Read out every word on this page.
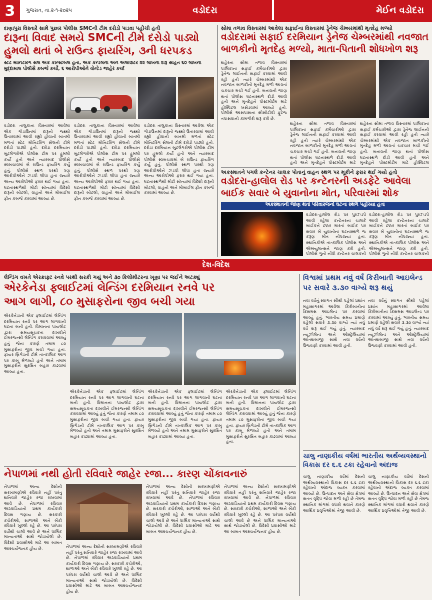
3	ગુજરાત, તા.૨-૧-૨૦૨૫	વડોદરા	મેઈન વડોદરા
દાણાપુરા વિસ્તારે સામે પુછાર પોલીસ SMCની ટીમ દરોડો પાડવા પહોંચી હતી
દારૂના વિવાદ સમયે SMCની ટીમે દરોડો પાડ્યો
હુમલો થતાં બે રાઉન્ડ ફાયરિંગ, ૩ની ધરપકડ
સ્ટેટ મોનિટરિંગ સેલે એક કોન્સ્ટેબલ હતા, એક કેન્ડલના અને અલાંઉટર ૨૨ લાખના દારૂ સહિત ૬૦ લાખનો મુદ્દામાલ પોલીસે કબજે કર્યો, ૬ આરોપીઓને વોન્ટેડ જાહેર કર્યા
વડોદરા તાલુકાના વિસ્તારમાં આવેલા એક ગોડાઉનમાં દારૂનો જથ્થો ઉતારવામાં આવી રહ્યો હોવાની બાતમી મળતાં સ્ટેટ મોનિટરિંગ સેલની ટીમે દરોડો પાડ્યો હતો. દરોડા દરમિયાન બુટલેગરોએ પોલીસ ટીમ પર હુમલો કર્યો હતો અને ત્યારબાદ પોલીસે સ્વબચાવમાં બે રાઉન્ડ ફાયરિંગ કર્યું હતું. પોલીસે સ્થળ પરથી ત્રણ આરોપીઓને ઝડપી લીધા હતા જ્યારે અન્ય આરોપીઓ ફરાર થઈ ગયા હતા. ઘટનાસ્થળેથી મોટી સંખ્યામાં વિદેશી દારૂની બોટલો, વાહનો અને મોબાઈલ ફોન કબજે કરવામાં આવ્યા છે.
વડોદરા તાલુકાના વિસ્તારમાં આવેલા એક ગોડાઉનમાં દારૂનો જથ્થો ઉતારવામાં આવી રહ્યો હોવાની બાતમી મળતાં સ્ટેટ મોનિટરિંગ સેલની ટીમે દરોડો પાડ્યો હતો. દરોડા દરમિયાન બુટલેગરોએ પોલીસ ટીમ પર હુમલો કર્યો હતો અને ત્યારબાદ પોલીસે સ્વબચાવમાં બે રાઉન્ડ ફાયરિંગ કર્યું હતું. પોલીસે સ્થળ પરથી ત્રણ આરોપીઓને ઝડપી લીધા હતા જ્યારે અન્ય આરોપીઓ ફરાર થઈ ગયા હતા. ઘટનાસ્થળેથી મોટી સંખ્યામાં વિદેશી દારૂની બોટલો, વાહનો અને મોબાઈલ ફોન કબજે કરવામાં આવ્યા છે.
વડોદરા તાલુકાના વિસ્તારમાં આવેલા એક ગોડાઉનમાં દારૂનો જથ્થો ઉતારવામાં આવી રહ્યો હોવાની બાતમી મળતાં સ્ટેટ મોનિટરિંગ સેલની ટીમે દરોડો પાડ્યો હતો. દરોડા દરમિયાન બુટલેગરોએ પોલીસ ટીમ પર હુમલો કર્યો હતો અને ત્યારબાદ પોલીસે સ્વબચાવમાં બે રાઉન્ડ ફાયરિંગ કર્યું હતું. પોલીસે સ્થળ પરથી ત્રણ આરોપીઓને ઝડપી લીધા હતા જ્યારે અન્ય આરોપીઓ ફરાર થઈ ગયા હતા. ઘટનાસ્થળેથી મોટી સંખ્યામાં વિદેશી દારૂની બોટલો, વાહનો અને મોબાઈલ ફોન કબજે કરવામાં આવ્યા છે.
સોમા તળાવ વિસ્તારમાં આવેલા સફાઈના વિસ્તારમાં ડ્રેનેજ ચેમ્બરમાંથી મૃતદેહ મળ્યો
વડોદરામાં સફાઈ દરમિયાન ડ્રેનેજ ચેમ્બરમાંથી નવજાત
બાળકીનો મૃતદેહ મળ્યો, માતા-પિતાની શોધખોળ શરૂ
શહેરના સોમા તળાવ વિસ્તારમાં પાલિકાના સફાઈ કર્મચારીઓ દ્વારા ડ્રેનેજ લાઈનની સફાઈ કરવામાં આવી રહી હતી ત્યારે ચેમ્બરમાંથી એક નવજાત બાળકીનો મૃતદેહ મળી આવતાં ચકચાર મચી ગઈ હતી. બનાવની જાણ થતાં પોલીસ ઘટનાસ્થળે દોડી આવી હતી અને મૃતદેહને પોસ્ટમોર્ટમ માટે હોસ્પિટલ ખસેડવામાં આવ્યો હતો. પોલીસે આસપાસના સીસીટીવી ફૂટેજ તપાસવાની કામગીરી શરૂ કરી છે.
શહેરના સોમા તળાવ વિસ્તારમાં પાલિકાના સફાઈ કર્મચારીઓ દ્વારા ડ્રેનેજ લાઈનની સફાઈ કરવામાં આવી રહી હતી ત્યારે ચેમ્બરમાંથી એક નવજાત બાળકીનો મૃતદેહ મળી આવતાં ચકચાર મચી ગઈ હતી. બનાવની જાણ થતાં પોલીસ ઘટનાસ્થળે દોડી આવી હતી અને મૃતદેહને પોસ્ટમોર્ટમ માટે
શહેરના સોમા તળાવ વિસ્તારમાં પાલિકાના સફાઈ કર્મચારીઓ દ્વારા ડ્રેનેજ લાઈનની સફાઈ કરવામાં આવી રહી હતી ત્યારે ચેમ્બરમાંથી એક નવજાત બાળકીનો મૃતદેહ મળી આવતાં ચકચાર મચી ગઈ હતી. બનાવની જાણ થતાં પોલીસ ઘટનાસ્થળે દોડી આવી હતી અને મૃતદેહને પોસ્ટમોર્ટમ માટે હોસ્પિટલ
અકસ્માતને પગલે કન્ટેનર ચાલક પોતાનું વાહન સ્થળ પર મૂકીને ફરાર થઈ ગયો હતો
વડોદરા-હાલોલ રોડ પર કન્ટેનરની અડફેટે આવેલા
બાઈક સવાર બે યુવાનોના મોત, પરિવારમાં શોક
અકસ્માતની જાણ થતાં પરિવારજનો ઘટના સ્થળે પહોંચ્યા હતા
વડોદરા-હાલોલ રોડ પર પુરઝડપે આવી રહેલા કન્ટેનરના ચાલકે બાઈકને ટક્કર મારતાં બાઈક પર સવાર બે યુવાનોના ઘટનાસ્થળે જ કરૂણ મોત નીપજ્યા હતા. સ્થાનિકોએ તાત્કાલિક પોલીસ અને એમ્બ્યુલન્સને જાણ કરી હતી. પોલીસે ગુનો નોંધી કન્ટેનર ચાલકની
વડોદરા-હાલોલ રોડ પર પુરઝડપે આવી રહેલા કન્ટેનરના ચાલકે બાઈકને ટક્કર મારતાં બાઈક પર સવાર બે યુવાનોના ઘટનાસ્થળે જ કરૂણ મોત નીપજ્યા હતા. સ્થાનિકોએ તાત્કાલિક પોલીસ અને એમ્બ્યુલન્સને જાણ કરી હતી. પોલીસે ગુનો નોંધી કન્ટેનર ચાલકની
દેશ-વિદેશ
લેન્ડિંગ વખતે એરક્રાફ્ટ રનવે પરથી સરકી ગયું અને ૩૦ કિલોમીટરના ખૂણા પર જઈને અટક્યું
એરકેનેડા ફ્લાઈટમાં લેન્ડિંગ દરમિયાન રનવે પર
આગ લાગી, ૮૦ મુસાફરોના જીવ બચી ગયા
એરકેનેડાની એક ફ્લાઈટમાં લેન્ડિંગ દરમિયાન રનવે પર આગ લાગવાની ઘટના બની હતી. વિમાનના પાયલોટ દ્વારા સમયસૂચકતા દાખવીને ઈમરજન્સી લેન્ડિંગ કરાવવામાં આવ્યું હતું જેના કારણે તમામ ૮૦ મુસાફરોના જીવ બચી ગયા હતા. ફાયર બ્રિગેડની ટીમે તાત્કાલિક આગ પર કાબૂ મેળવ્યો હતો અને તમામ મુસાફરોને સુરક્ષિત બહાર કાઢવામાં આવ્યા હતા.
એરકેનેડાની એક ફ્લાઈટમાં લેન્ડિંગ દરમિયાન રનવે પર આગ લાગવાની ઘટના બની હતી. વિમાનના પાયલોટ દ્વારા સમયસૂચકતા દાખવીને ઈમરજન્સી લેન્ડિંગ કરાવવામાં આવ્યું હતું જેના કારણે તમામ ૮૦ મુસાફરોના જીવ બચી ગયા હતા. ફાયર બ્રિગેડની ટીમે તાત્કાલિક આગ પર કાબૂ મેળવ્યો હતો અને તમામ મુસાફરોને સુરક્ષિત બહાર કાઢવામાં આવ્યા હતા.
એરકેનેડાની એક ફ્લાઈટમાં લેન્ડિંગ દરમિયાન રનવે પર આગ લાગવાની ઘટના બની હતી. વિમાનના પાયલોટ દ્વારા સમયસૂચકતા દાખવીને ઈમરજન્સી લેન્ડિંગ કરાવવામાં આવ્યું હતું જેના કારણે તમામ ૮૦ મુસાફરોના જીવ બચી ગયા હતા. ફાયર બ્રિગેડની ટીમે તાત્કાલિક આગ પર કાબૂ મેળવ્યો હતો અને તમામ મુસાફરોને સુરક્ષિત બહાર કાઢવામાં આવ્યા હતા.
એરકેનેડાની એક ફ્લાઈટમાં લેન્ડિંગ દરમિયાન રનવે પર આગ લાગવાની ઘટના બની હતી. વિમાનના પાયલોટ દ્વારા સમયસૂચકતા દાખવીને ઈમરજન્સી લેન્ડિંગ કરાવવામાં આવ્યું હતું જેના કારણે તમામ ૮૦ મુસાફરોના જીવ બચી ગયા હતા. ફાયર બ્રિગેડની ટીમે તાત્કાલિક આગ પર કાબૂ મેળવ્યો હતો અને તમામ મુસાફરોને સુરક્ષિત બહાર કાઢવામાં આવ્યા હતા.
વિશ્વમાં પ્રથમ નવું વર્ષ કિરીબાતી આઇલેન્ડ
પર સવારે ૩.૩૦ વાગ્યે શરૂ થયું
નવા વર્ષનું સ્વાગત સૌથી પહેલાં પ્રશાંત મહાસાગરમાં આવેલા કિરીબાતીના ક્રિસમસ આઇલેન્ડ પર કરવામાં આવ્યું હતું. ભારતીય સમય પ્રમાણે વહેલી સવારે ૩.૩૦ વાગ્યે ત્યાં નવું વર્ષ શરૂ થઈ ગયું હતું. ત્યારબાદ ન્યૂઝીલેન્ડ અને ઓસ્ટ્રેલિયામાં આતશબાજી સાથે નવા વર્ષની ઉજવણી કરવામાં આવી હતી.
નવા વર્ષનું સ્વાગત સૌથી પહેલાં પ્રશાંત મહાસાગરમાં આવેલા કિરીબાતીના ક્રિસમસ આઇલેન્ડ પર કરવામાં આવ્યું હતું. ભારતીય સમય પ્રમાણે વહેલી સવારે ૩.૩૦ વાગ્યે ત્યાં નવું વર્ષ શરૂ થઈ ગયું હતું. ત્યારબાદ ન્યૂઝીલેન્ડ અને ઓસ્ટ્રેલિયામાં આતશબાજી સાથે નવા વર્ષની ઉજવણી કરવામાં આવી હતી.
ચાલુ નાણાકીય વર્ષમાં ભારતીય અર્થવ્યવસ્થાનો
વિકાસ દર ૬.૬ ટકા રહેવાનો અંદાજ
ચાલુ નાણાકીય વર્ષમાં દેશની અર્થવ્યવસ્થાનો વિકાસ દર ૬.૬ ટકા રહેવાનો અંદાજ વ્યક્ત કરવામાં આવ્યો છે. ઉત્પાદન અને સેવા ક્ષેત્રમાં સતત વૃદ્ધિ જોવા મળી રહી છે તેમજ સ્થાનિક માંગમાં વધારો થવાને કારણે આર્થિક પ્રવૃત્તિઓમાં તેજી આવી છે.
ચાલુ નાણાકીય વર્ષમાં દેશની અર્થવ્યવસ્થાનો વિકાસ દર ૬.૬ ટકા રહેવાનો અંદાજ વ્યક્ત કરવામાં આવ્યો છે. ઉત્પાદન અને સેવા ક્ષેત્રમાં સતત વૃદ્ધિ જોવા મળી રહી છે તેમજ સ્થાનિક માંગમાં વધારો થવાને કારણે આર્થિક પ્રવૃત્તિઓમાં તેજી આવી છે.
નેપાળમાં નથી હોતી રવિવારે જાહેર રજા... કારણ ચોંકાવનારું
નેપાળમાં અન્ય દેશોની સરખામણીએ રવિવારે નહીં પરંતુ શનિવારે જાહેર રજા રાખવામાં આવે છે. નેપાળમાં રવિવાર અઠવાડિયાનો પ્રથમ કાર્યકારી દિવસ ગણાય છે. સરકારી કચેરીઓ, શાળાઓ અને બેંકો રવિવારે ખુલ્લી રહે છે. આ પરંપરા વર્ષોથી ચાલી આવે છે અને ધાર્મિક માન્યતાઓ સાથે જોડાયેલી છે. વિદેશી પ્રવાસીઓ માટે આ બાબત આશ્ચર્યજનક હોય છે.	નેપાળમાં અન્ય દેશોની સરખામણીએ રવિવારે નહીં પરંતુ શનિવારે જાહેર રજા રાખવામાં આવે છે. નેપાળમાં રવિવાર અઠવાડિયાનો પ્રથમ કાર્યકારી દિવસ ગણાય છે. સરકારી કચેરીઓ, શાળાઓ અને બેંકો રવિવારે ખુલ્લી રહે છે. આ પરંપરા વર્ષોથી ચાલી આવે છે અને ધાર્મિક માન્યતાઓ સાથે જોડાયેલી છે. વિદેશી પ્રવાસીઓ માટે આ બાબત આશ્ચર્યજનક હોય છે.
નેપાળમાં અન્ય દેશોની સરખામણીએ રવિવારે નહીં પરંતુ શનિવારે જાહેર રજા રાખવામાં આવે છે. નેપાળમાં રવિવાર અઠવાડિયાનો પ્રથમ કાર્યકારી દિવસ ગણાય છે. સરકારી કચેરીઓ, શાળાઓ અને બેંકો રવિવારે ખુલ્લી રહે છે. આ પરંપરા વર્ષોથી ચાલી આવે છે અને ધાર્મિક માન્યતાઓ સાથે જોડાયેલી છે. વિદેશી પ્રવાસીઓ માટે આ બાબત આશ્ચર્યજનક હોય છે.
નેપાળમાં અન્ય દેશોની સરખામણીએ રવિવારે નહીં પરંતુ શનિવારે જાહેર રજા રાખવામાં આવે છે. નેપાળમાં રવિવાર અઠવાડિયાનો પ્રથમ કાર્યકારી દિવસ ગણાય છે. સરકારી કચેરીઓ, શાળાઓ અને બેંકો રવિવારે ખુલ્લી રહે છે. આ પરંપરા વર્ષોથી ચાલી આવે છે અને ધાર્મિક માન્યતાઓ સાથે જોડાયેલી છે. વિદેશી પ્રવાસીઓ માટે આ બાબત આશ્ચર્યજનક હોય છે.
